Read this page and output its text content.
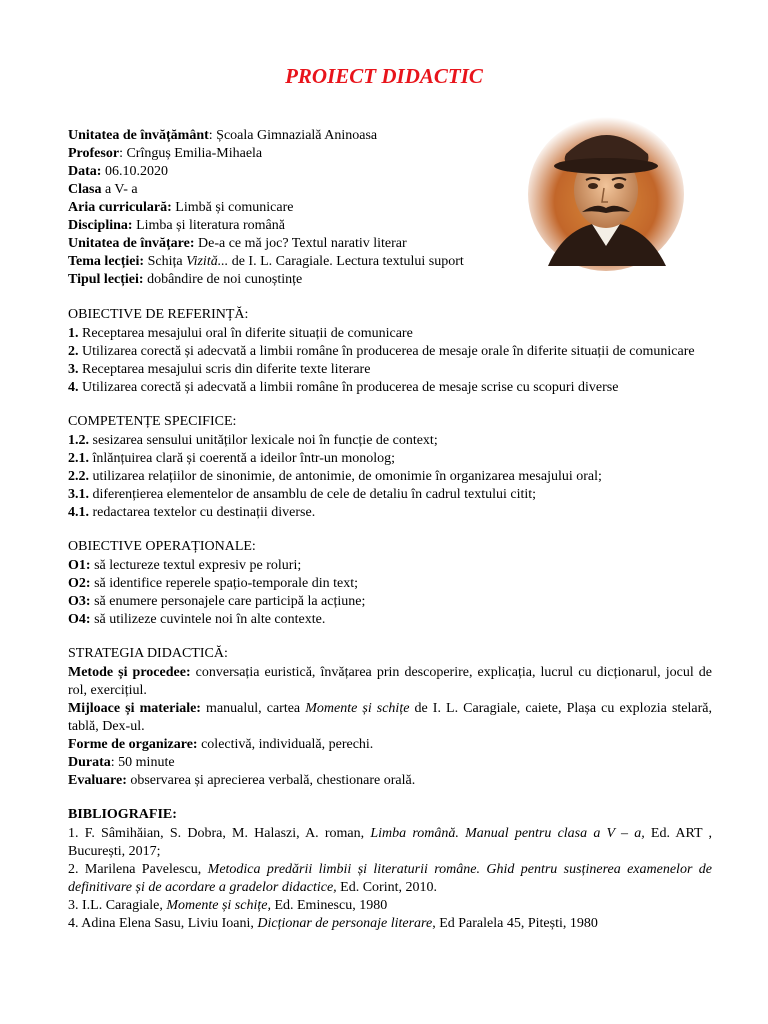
PROIECT DIDACTIC
Unitatea de învățământ: Școala Gimnazială Aninoasa
Profesor: Crînguș Emilia-Mihaela
Data: 06.10.2020
Clasa a V- a
Aria curriculară: Limbă și comunicare
Disciplina: Limba și literatura română
Unitatea de învățare: De-a ce mă joc? Textul narativ literar
Tema lecției: Schița Vizită... de I. L. Caragiale. Lectura textului suport
Tipul lecției: dobândire de noi cunoștințe
OBIECTIVE DE REFERINȚĂ:
1. Receptarea mesajului oral în diferite situații de comunicare
2. Utilizarea corectă și adecvată a limbii române în producerea de mesaje orale în diferite situații de comunicare
3. Receptarea mesajului scris din diferite texte literare
4. Utilizarea corectă și adecvată a limbii române în producerea de mesaje scrise cu scopuri diverse
COMPETENȚE SPECIFICE:
1.2. sesizarea sensului unităților lexicale noi în funcție de context;
2.1. înlănțuirea clară și coerentă a ideilor într-un monolog;
2.2. utilizarea relațiilor de sinonimie, de antonimie, de omonimie în organizarea mesajului oral;
3.1. diferențierea elementelor de ansamblu de cele de detaliu în cadrul textului citit;
4.1. redactarea textelor cu destinații diverse.
OBIECTIVE OPERAȚIONALE:
O1: să lectureze textul expresiv pe roluri;
O2: să identifice reperele spațio-temporale din text;
O3: să enumere personajele care participă la acțiune;
O4: să utilizeze cuvintele noi în alte contexte.
STRATEGIA DIDACTICĂ:
Metode și procedee: conversația euristică, învățarea prin descoperire, explicația, lucrul cu dicționarul, jocul de rol, exercițiul.
Mijloace și materiale: manualul, cartea Momente și schițe de I. L. Caragiale, caiete, Plașa cu explozia stelară, tablă, Dex-ul.
Forme de organizare: colectivă, individuală, perechi.
Durata: 50 minute
Evaluare: observarea și aprecierea verbală, chestionare orală.
BIBLIOGRAFIE:
1. F. Sâmihăian, S. Dobra, M. Halaszi, A. roman, Limba română. Manual pentru clasa a V – a, Ed. ART , București, 2017;
2. Marilena Pavelescu, Metodica predării limbii și literaturii române. Ghid pentru susținerea examenelor de definitivare și de acordare a gradelor didactice, Ed. Corint, 2010.
3. I.L. Caragiale, Momente și schițe, Ed. Eminescu, 1980
4. Adina Elena Sasu, Liviu Ioani, Dicționar de personaje literare, Ed Paralela 45, Pitești, 1980
